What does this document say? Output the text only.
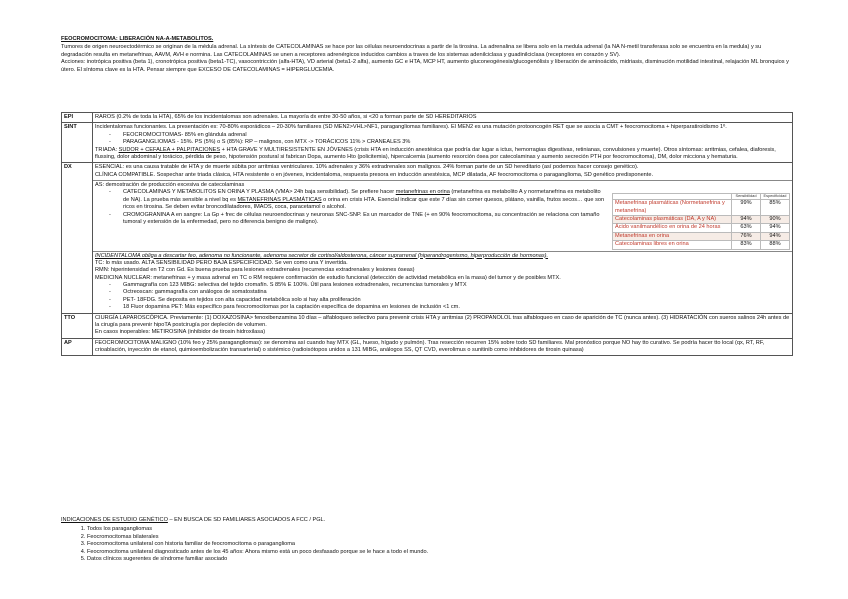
FEOCROMOCITOMA: LIBERACIÓN NA-A-METABOLITOS.

Tumores de origen neuroectodérmico se originan de la médula adrenal. La síntesis de CATECOLAMINAS se hace por las células neuroendocrinas a partir de la tirosina. La adrenalina se libera solo en la medula adrenal (la NA N-metil transferasa solo se encuentra en la medula) y su degradación resulta en metanefrinas, AAVM, AVH e normina. Las CATECOLAMINAS se unen a receptores adrenérgicos inducidos cambios a traves de los sistemas adenilciclasa y guadinilciclasa (receptores en corazón y SV).

Acciones: inotrópica positiva (beta 1), cronotrópica positiva (beta1-TC), vasocontricción (alfa-HTA), VD arterial (beta1-2 alfa), aumento GC e HTA, MCP HT, aumento gluconeogénesis/glucogenólisis y liberación de aminoácido, midriasis, disminución motilidad intestinal, relajación ML bronquios y útero. El síntoma clave es la HTA. Pensar siempre que EXCESO DE CATECOLAMINAS = HIPERGLUCEMIA.

EPI	RAROS (0.2% de toda la HTA), 65% de los incidentalomas son adrenales. La mayoría dx entre 30-50 años, si <20 a forman parte de SD HEREDITARIOS
SINT	Incidentalomas funcionantes. La presentación es: 70-80% esporádicos – 20-30% familiares (SD MEN2>VHL>NF1, paragangliomas familiares). El MEN2 es una mutación protooncogén RET que se asocia a CMT + feocromocitoma + hiperparatiroidismo 1º.
- FEOCROMOCITOMAS- 85% en glándula adrenal
- PARAGANGLIOMAS - 15%. PS (5%) o S (85%): RP – malignos, con MTX -> TORÁCICOS 11% > CRANEALES 3%
TRIADA: SUDOR + CEFALEA + PALPITACIONES + HTA GRAVE Y MULTIRESISTENTE EN JÓVENES (crisis HTA en inducción anestésica que podría dar lugar a ictus, hemorragias digestivas, retinianas, convulsiones y muerte). Otros síntomas: arritmias, cefalea, diaforesis, flussing, dolor abdominal y torácico, pérdida de peso, hipotensión postural si fabrican Dopa, aumento Hto (policitemia), hipercalcemia (aumento resorción ósea por catecolaminas y aumento secreción PTH por feocromocitoma), DM, dolor micciona y hematuria.

DX	ESENCIAL: es una causa tratable de HTA y de muerte súbita por arritmias ventriculares. 10% adrenales y 36% extradrenales son malignos. 24% forman parte de un SD hereditario (así podemos hacer consejo genético).
CLÍNICA COMPATIBLE. Sospechar ante triada clásica, HTA resistente o en jóvenes, incidentaloma, respuesta presora en inducción anestésica, MCP dilatada, AF feocromocitoma o paraganglioma, SD genético predisponente.
AS: demostración de producción excesiva de catecolaminas
- CATECOLAMINAS Y METABOLITOS EN ORINA Y PLASMA (VMA> 24h baja sensibilidad). Se prefiere hacer metanefrinas en orina (metanefrina es metabolito A y normetanefrina es metabolito de NA). La prueba más sensible a nivel bq es METANEFRINAS PLASMÁTICAS o orina en crisis HTA. Esencial indicar que este 7 días sin comer quesos, plátano, vainilla, frutos secos… que son ricos en tirosina. Se deben evitar broncodilatadores, IMAOS, coca, paracetamol o alcohol.
- CROMOGRANINA A en sangre: La Gp + frec de células neuroendocrinas y neuronas SNC-SNP. Es un marcador de TNE (+ en 90% feocromocitoma, su concentración se relaciona con tamaño tumoral y extensión de la enfermedad, pero no diferencia benigno de maligno).
	Sensibilidad	Especificidad
Metanefrinas plasmáticas (Normetanefrina y metanefrina)	99%	85%
Catecolaminas plasmáticas (DA, A y NA)	94%	90%
Ácido vanilmandélico en orina de 24 horas	63%	94%
Metanefrinas en orina	76%	94%
Catecolaminas libres en orina	83%	88%
INCIDENTALOMA obliga a descartar feo, adenoma no funcionante, adenoma secretor de cortisol/aldosterona, cáncer suprarrenal (hiperandrogenismo, hiperproducción de hormonas).
TC: lo más usado. ALTA SENSIBILIDAD PERO BAJA ESPECIFICIDAD. Se ven como una Y invertida.
RMN: hiperintensidad en T2 con Gd. Es buena prueba para lesiones extradrenales (recurrencias extradrenales y lesiones óseas)
MEDICINA NUCLEAR: metanefrinas + y masa adrenal en TC o RM requiere confirmación de estudio funcional (detección de actividad metabólica en la masa) del tumor y de posibles MTX.
- Gammagrafía con 123 MIBG: selectiva del tejido cromafín. S 85% E 100%. Útil para lesiones extradrenales, recurrencias tumorales y MTX
- Octreoscan: gammagrafía con análogos de somatostatina
- PET- 18FDG. Se deposita en tejidos con alta capacidad metabólica solo si hay alta proliferación
- 18 Fluor dopamina PET: Más específico para feocromocitomas por la captación específica de dopamina en lesiones de inclusión <1 cm.

TTO	CIURGÍA LAPAROSCÓPICA. Previamente: (1) DOXAZOSINA> fenoxibenzamina 10 días – alfabloqueo selectivo para prevenir crisis HTA y arritmias (2) PROPANOLOL tras alfabloqueo en caso de aparición de TC (nunca antes). (3) HIDRATACIÓN con sueros salinos 24h antes de la cirugía para prevenir hipoTA postcirugía por depleción de volumen.
En casos inoperables: METIROSINA (inhibidor de tirosin hidroxilasa)

AP	FEOCROMOCITOMA MALIGNO (10% feo y 25% paragangliomas): se denomina así cuando hay MTX (GL, hueso, hígado y pulmón). Tras resección recurren 15% sobre todo SD familiares. Mal pronóstico porque NO hay tto curativo. Se podría hacer tto local (qx, RT, RF, crioablación, inyección de etanol, quimioembolización transarterial) o sistémico (radioisótopos unidos a 131 MIBG, análogos SS, QT CVD, everolimus o sunitinib como inhibidores de tirosin quinasa)
INDICACIONES DE ESTUDIO GENÉTICO – EN BUSCA DE SD FAMILIARES ASOCIADOS A FCC / PGL.
1. Todos los paragangliomas
2. Feocromocitomas bilaterales
3. Feocromocitoma unilateral con historia familiar de feocromocitoma o paraganglioma
4. Feocromocitoma unilateral diagnosticado antes de los 45 años: Ahora mismo está un poco desfasado porque se le hace a todo el mundo.
5. Datos clínicos sugerentes de síndrome familiar asociado
